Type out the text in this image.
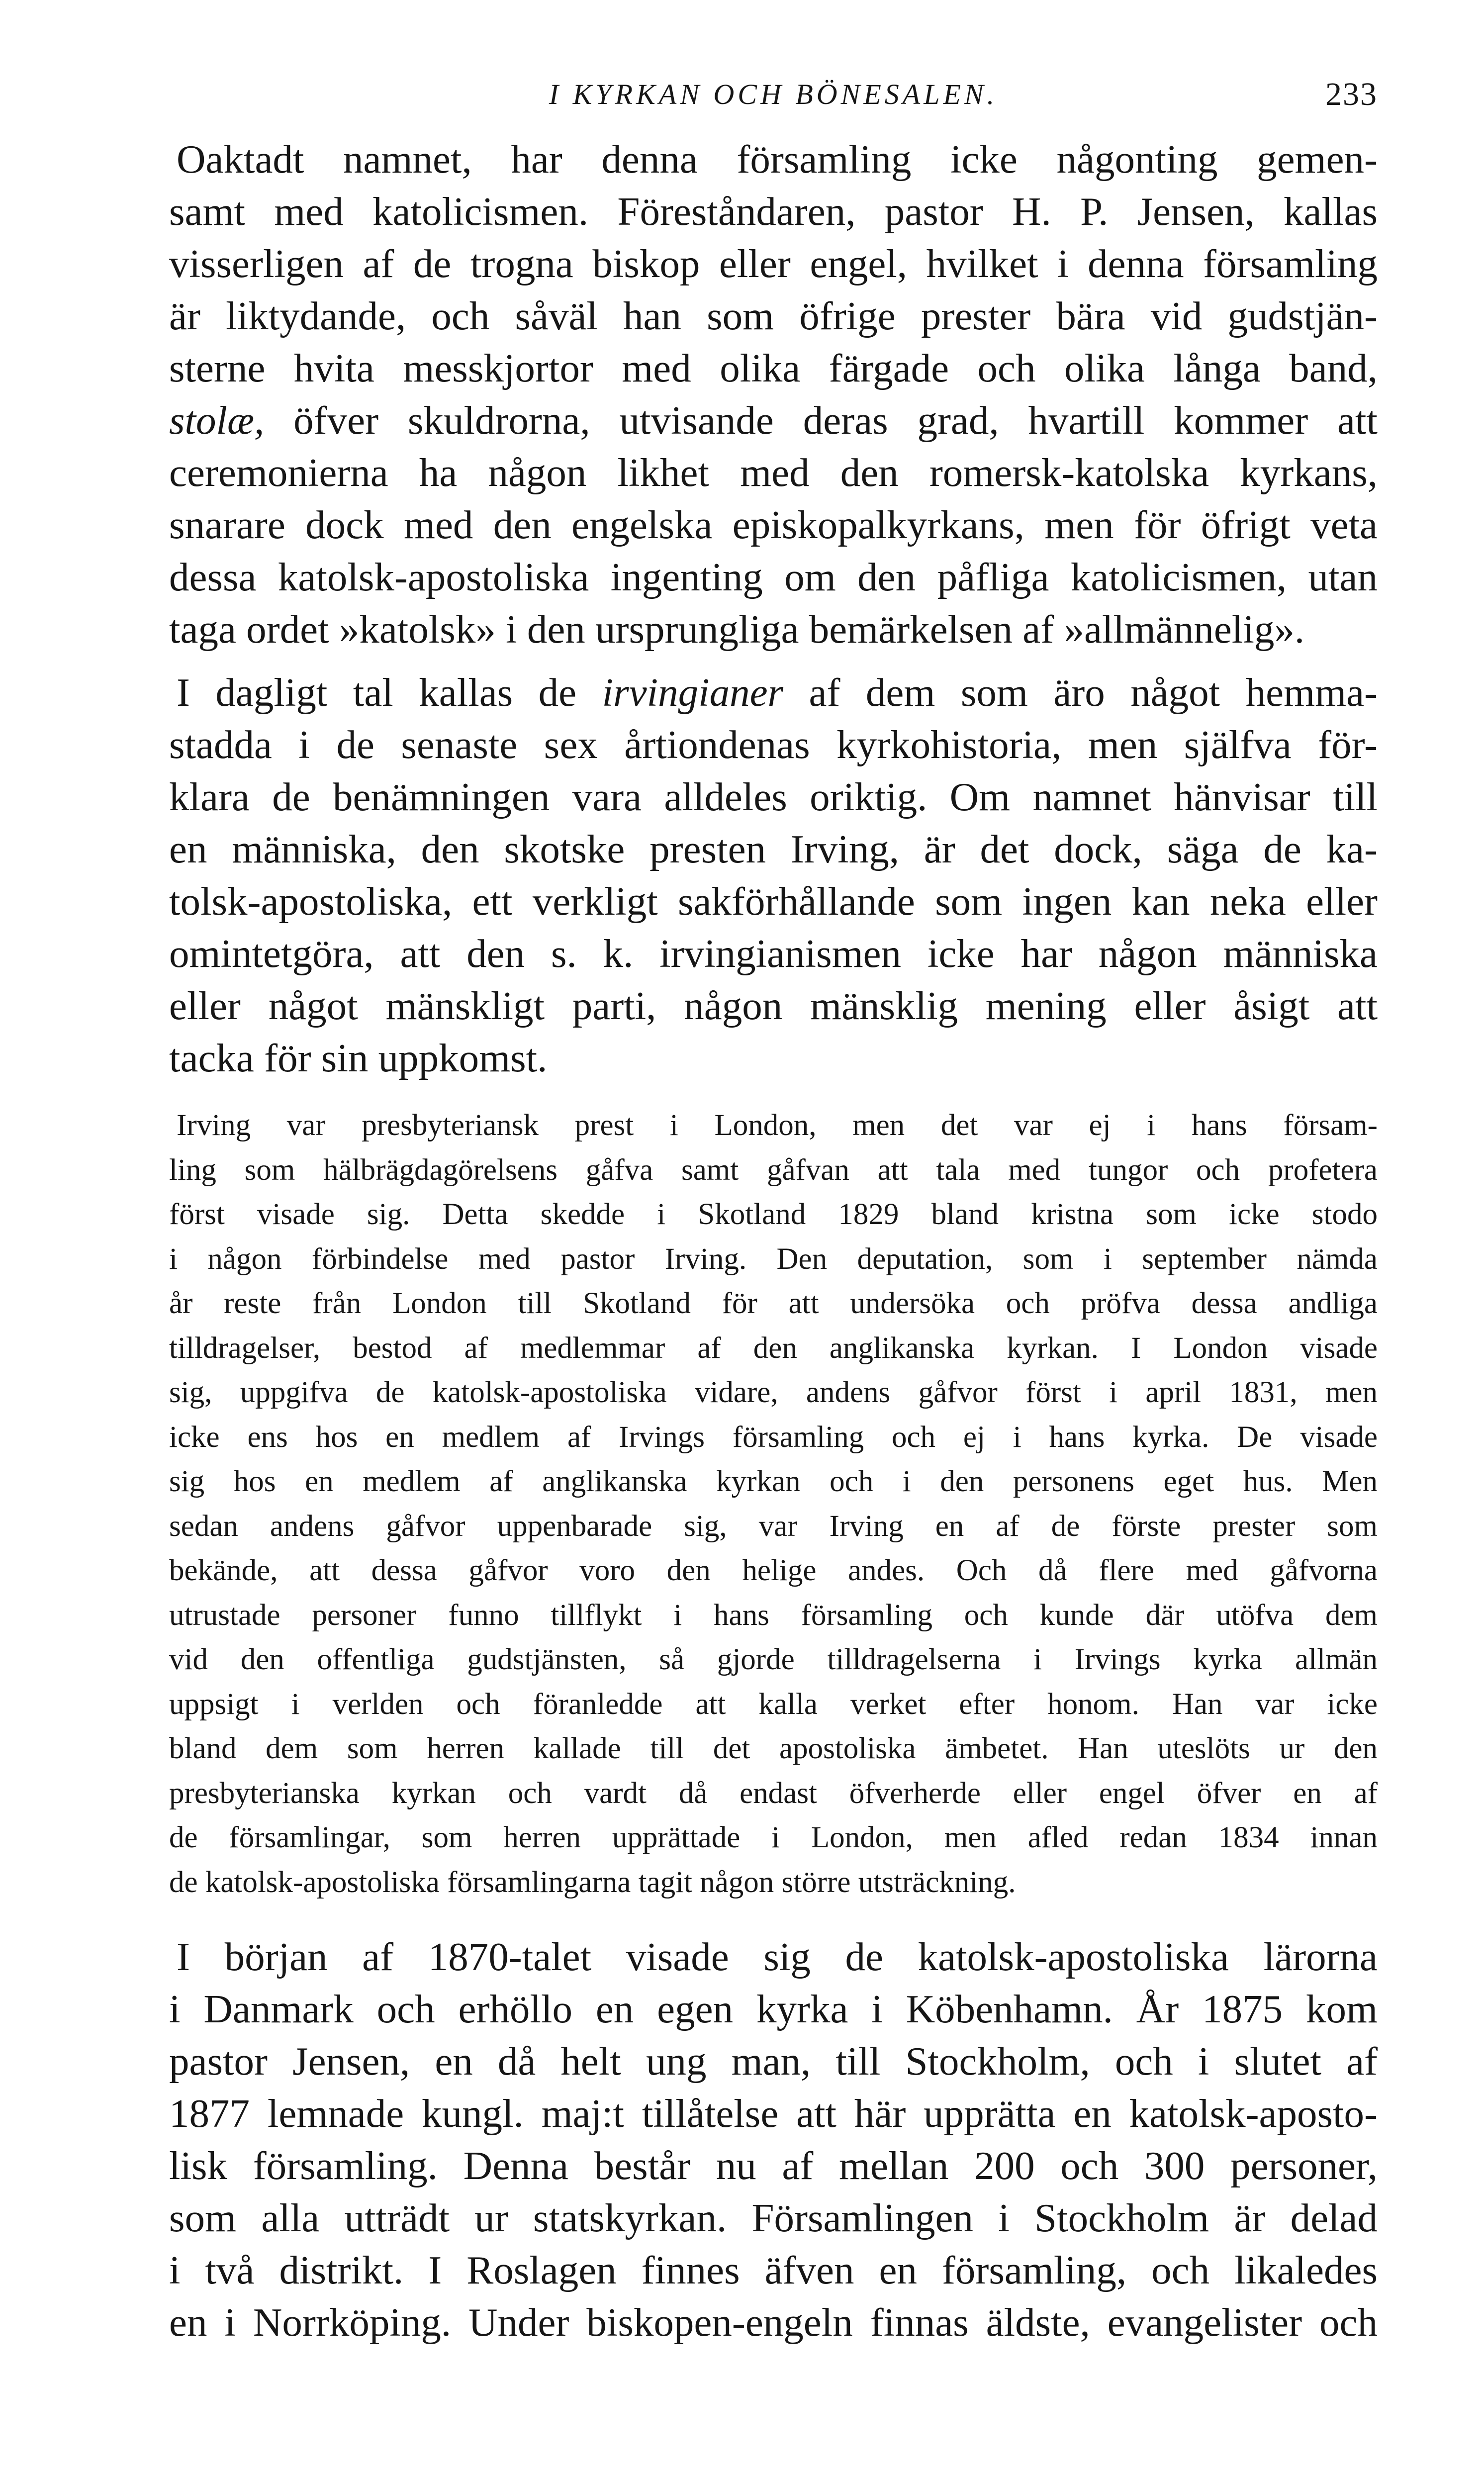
I KYRKAN OCH BÖNESALEN.	233
Oaktadt namnet, har denna församling icke någonting gemen-
samt med katolicismen. Föreståndaren, pastor H. P. Jensen, kallas
visserligen af de trogna biskop eller engel, hvilket i denna församling
är liktydande, och såväl han som öfrige prester bära vid gudstjän-
sterne hvita messkjortor med olika färgade och olika långa band,
stolæ, öfver skuldrorna, utvisande deras grad, hvartill kommer att
ceremonierna ha någon likhet med den romersk-katolska kyrkans,
snarare dock med den engelska episkopalkyrkans, men för öfrigt veta
dessa katolsk-apostoliska ingenting om den påfliga katolicismen, utan
taga ordet »katolsk» i den ursprungliga bemärkelsen af »allmännelig».
I dagligt tal kallas de irvingianer af dem som äro något hemma-
stadda i de senaste sex årtiondenas kyrkohistoria, men själfva för-
klara de benämningen vara alldeles oriktig. Om namnet hänvisar till
en människa, den skotske presten Irving, är det dock, säga de ka-
tolsk-apostoliska, ett verkligt sakförhållande som ingen kan neka eller
omintetgöra, att den s. k. irvingianismen icke har någon människa
eller något mänskligt parti, någon mänsklig mening eller åsigt att
tacka för sin uppkomst.
Irving var presbyteriansk prest i London, men det var ej i hans försam-
ling som hälbrägdagörelsens gåfva samt gåfvan att tala med tungor och profetera
först visade sig. Detta skedde i Skotland 1829 bland kristna som icke stodo
i någon förbindelse med pastor Irving. Den deputation, som i september nämda
år reste från London till Skotland för att undersöka och pröfva dessa andliga
tilldragelser, bestod af medlemmar af den anglikanska kyrkan. I London visade
sig, uppgifva de katolsk-apostoliska vidare, andens gåfvor först i april 1831, men
icke ens hos en medlem af Irvings församling och ej i hans kyrka. De visade
sig hos en medlem af anglikanska kyrkan och i den personens eget hus. Men
sedan andens gåfvor uppenbarade sig, var Irving en af de förste prester som
bekände, att dessa gåfvor voro den helige andes. Och då flere med gåfvorna
utrustade personer funno tillflykt i hans församling och kunde där utöfva dem
vid den offentliga gudstjänsten, så gjorde tilldragelserna i Irvings kyrka allmän
uppsigt i verlden och föranledde att kalla verket efter honom. Han var icke
bland dem som herren kallade till det apostoliska ämbetet. Han uteslöts ur den
presbyterianska kyrkan och vardt då endast öfverherde eller engel öfver en af
de församlingar, som herren upprättade i London, men afled redan 1834 innan
de katolsk-apostoliska församlingarna tagit någon större utsträckning.
I början af 1870-talet visade sig de katolsk-apostoliska lärorna
i Danmark och erhöllo en egen kyrka i Köbenhamn. År 1875 kom
pastor Jensen, en då helt ung man, till Stockholm, och i slutet af
1877 lemnade kungl. maj:t tillåtelse att här upprätta en katolsk-aposto-
lisk församling. Denna består nu af mellan 200 och 300 personer,
som alla utträdt ur statskyrkan. Församlingen i Stockholm är delad
i två distrikt. I Roslagen finnes äfven en församling, och likaledes
en i Norrköping. Under biskopen-engeln finnas äldste, evangelister och
